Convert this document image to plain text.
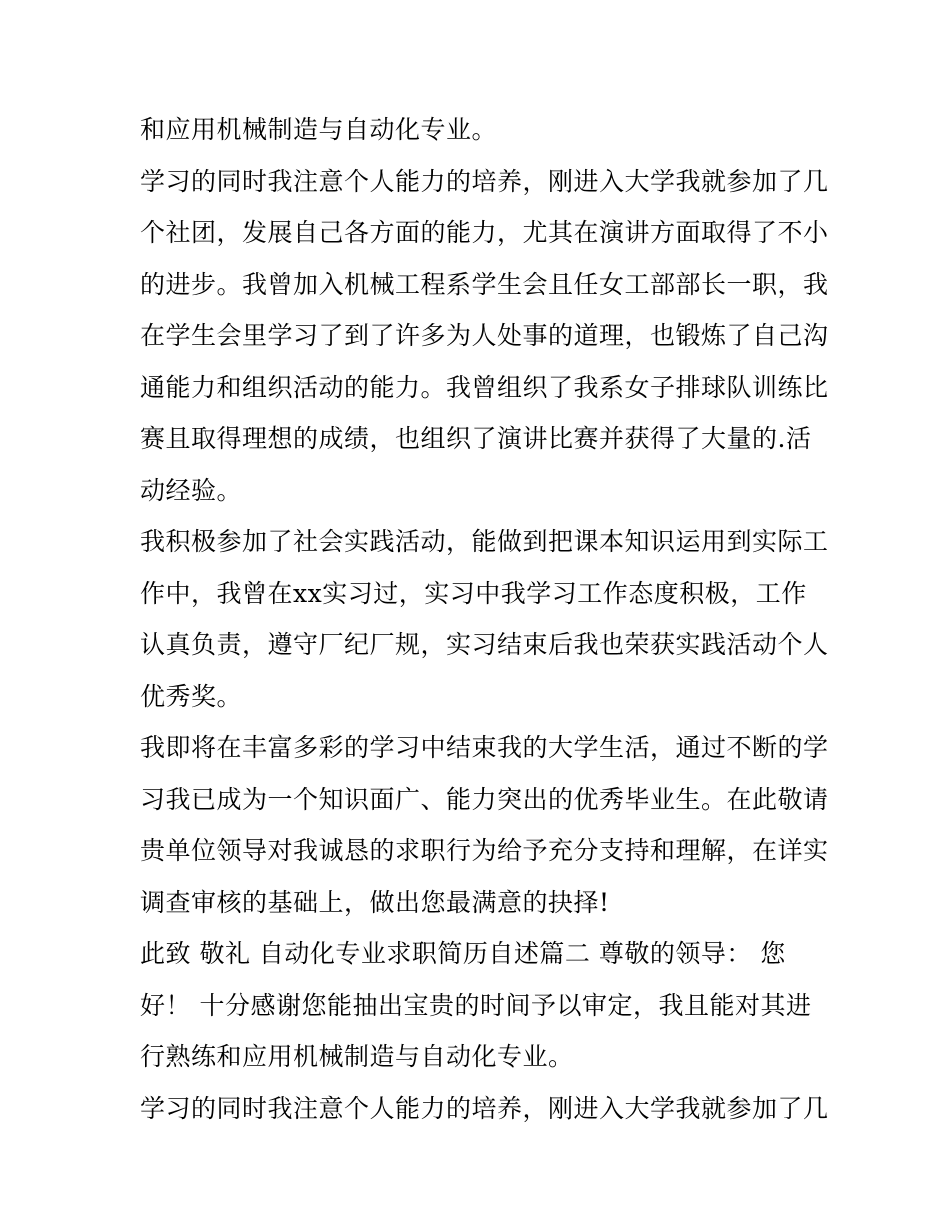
和应用机械制造与自动化专业。
学习的同时我注意个人能力的培养，刚进入大学我就参加了几
个社团，发展自己各方面的能力，尤其在演讲方面取得了不小
的进步。我曾加入机械工程系学生会且任女工部部长一职，我
在学生会里学习了到了许多为人处事的道理，也锻炼了自己沟
通能力和组织活动的能力。我曾组织了我系女子排球队训练比
赛且取得理想的成绩，也组织了演讲比赛并获得了大量的.活
动经验。
我积极参加了社会实践活动，能做到把课本知识运用到实际工
作中，我曾在xx实习过，实习中我学习工作态度积极，工作
认真负责，遵守厂纪厂规，实习结束后我也荣获实践活动个人
优秀奖。
我即将在丰富多彩的学习中结束我的大学生活，通过不断的学
习我已成为一个知识面广、能力突出的优秀毕业生。在此敬请
贵单位领导对我诚恳的求职行为给予充分支持和理解，在详实
调查审核的基础上，做出您最满意的抉择!
此致 敬礼 自动化专业求职简历自述篇二 尊敬的领导： 您
好！ 十分感谢您能抽出宝贵的时间予以审定，我且能对其进
行熟练和应用机械制造与自动化专业。
学习的同时我注意个人能力的培养，刚进入大学我就参加了几
